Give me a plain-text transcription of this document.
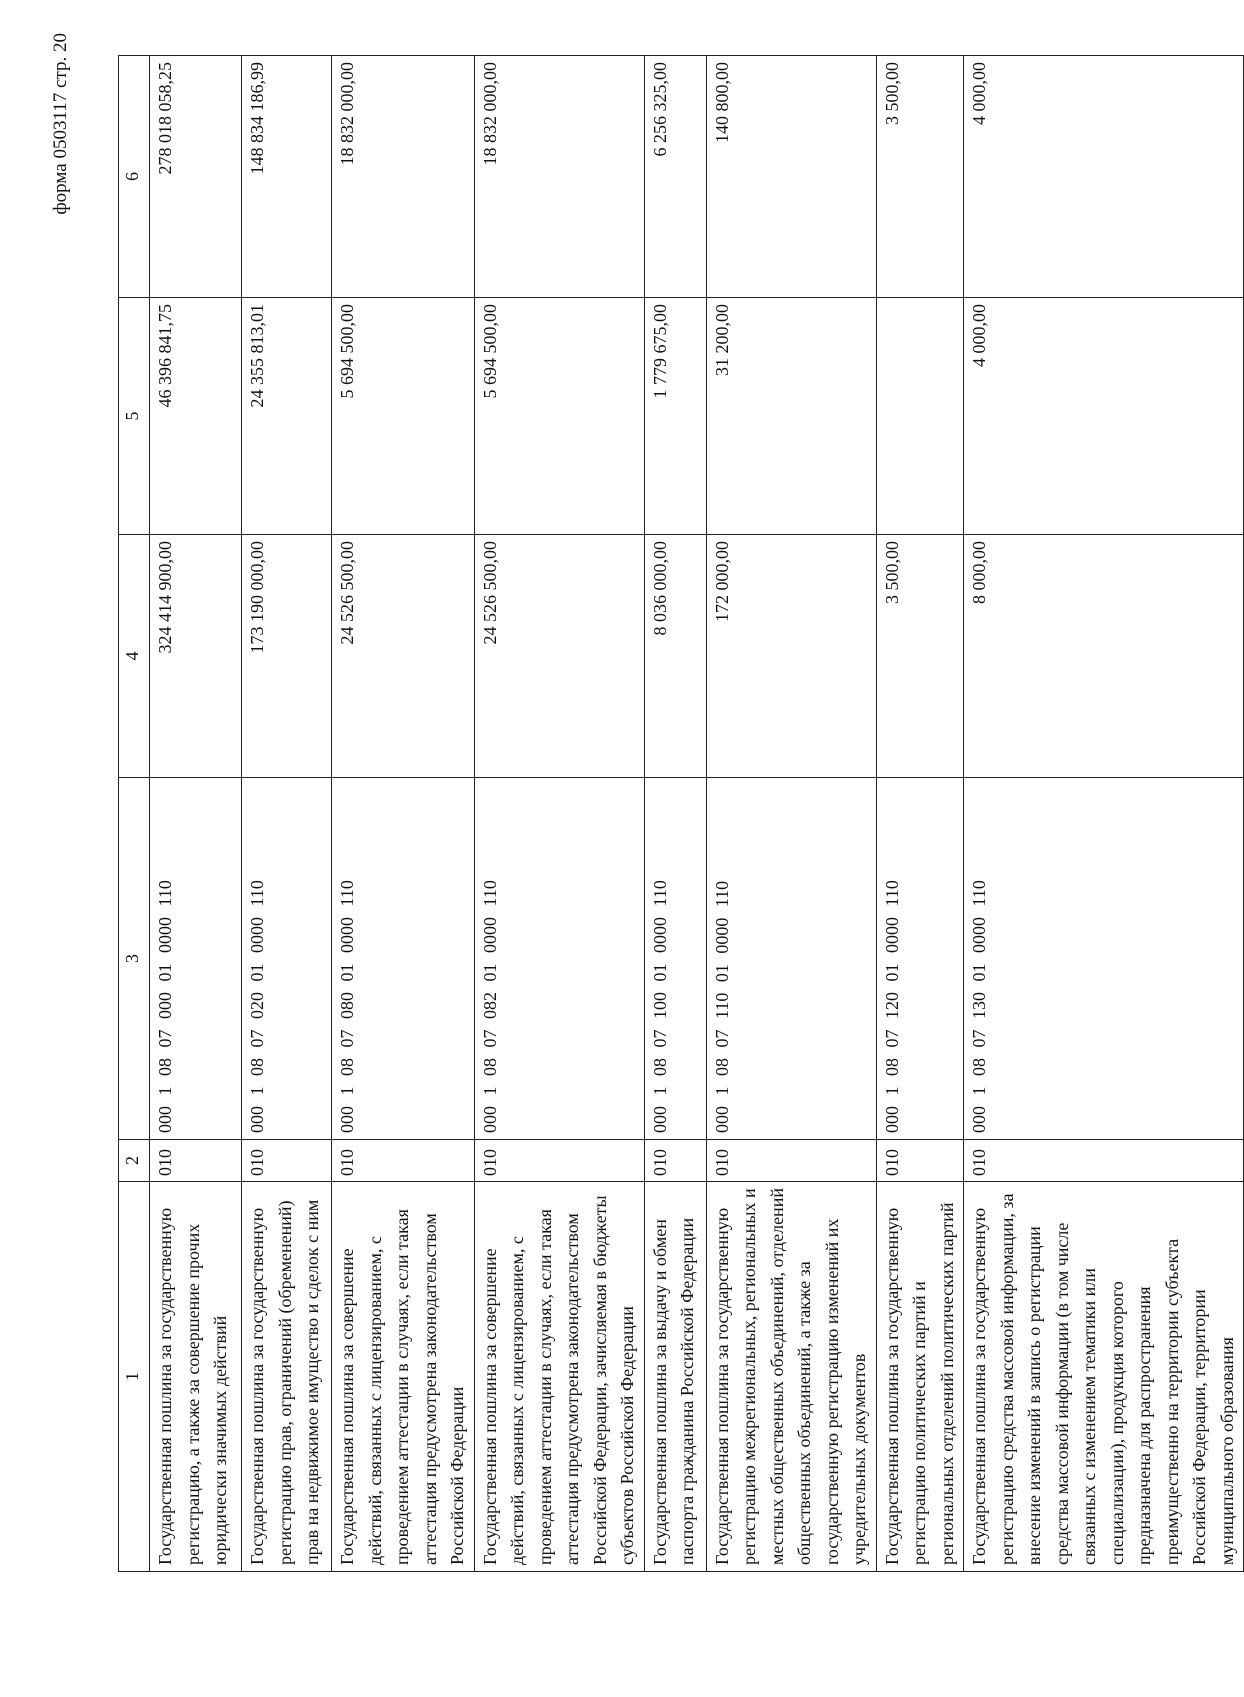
форма 0503117 стр. 20
1	2	3	4	5	6
Государственная пошлина за государственную регистрацию, а также за совершение прочих юридически значимых действий	010	000 1 08 07 000 01 0000 110	324 414 900,00	46 396 841,75	278 018 058,25
Государственная пошлина за государственную регистрацию прав, ограничений (обременений) прав на недвижимое имущество и сделок с ним	010	000 1 08 07 020 01 0000 110	173 190 000,00	24 355 813,01	148 834 186,99
Государственная пошлина за совершение действий, связанных с лицензированием, с проведением аттестации в случаях, если такая аттестация предусмотрена законодательством Российской Федерации	010	000 1 08 07 080 01 0000 110	24 526 500,00	5 694 500,00	18 832 000,00
Государственная пошлина за совершение действий, связанных с лицензированием, с проведением аттестации в случаях, если такая аттестация предусмотрена законодательством Российской Федерации, зачисляемая в бюджеты субъектов Российской Федерации	010	000 1 08 07 082 01 0000 110	24 526 500,00	5 694 500,00	18 832 000,00
Государственная пошлина за выдачу и обмен паспорта гражданина Российской Федерации	010	000 1 08 07 100 01 0000 110	8 036 000,00	1 779 675,00	6 256 325,00
Государственная пошлина за государственную регистрацию межрегиональных, региональных и местных общественных объединений, отделений общественных объединений, а также за государственную регистрацию изменений их учредительных документов	010	000 1 08 07 110 01 0000 110	172 000,00	31 200,00	140 800,00
Государственная пошлина за государственную регистрацию политических партий и региональных отделений политических партий	010	000 1 08 07 120 01 0000 110	3 500,00		3 500,00
Государственная пошлина за государственную регистрацию средства массовой информации, за внесение изменений в запись о регистрации средства массовой информации (в том числе связанных с изменением тематики или специализации), продукция которого предназначена для распространения преимущественно на территории субъекта Российской Федерации, территории муниципального образования	010	000 1 08 07 130 01 0000 110	8 000,00	4 000,00	4 000,00
